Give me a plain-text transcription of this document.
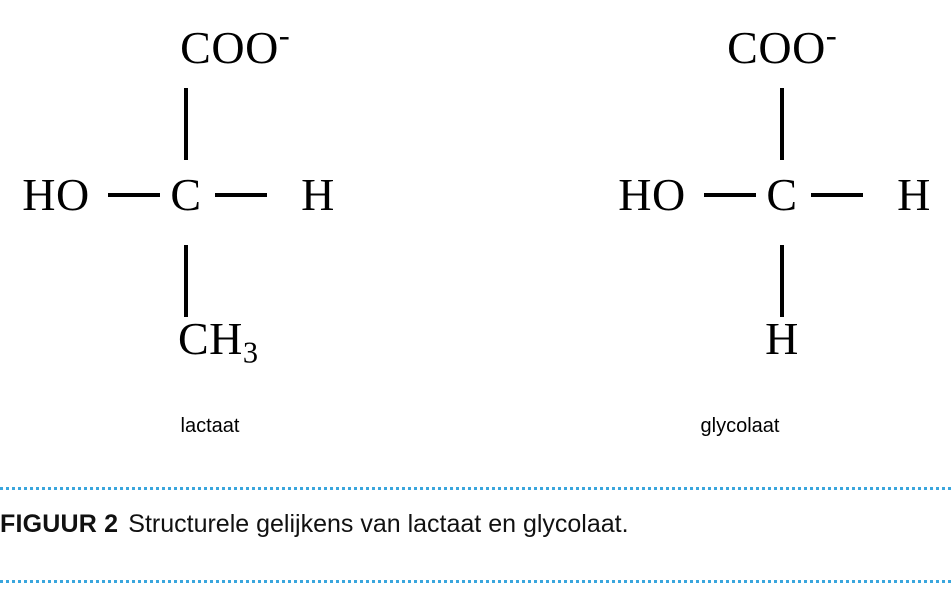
COO-
HO C H
$CH_3$
lactaat
COO-
HO C H
H
glycolaat
FIGUUR 2 Structurele gelijkens van lactaat en glycolaat.
